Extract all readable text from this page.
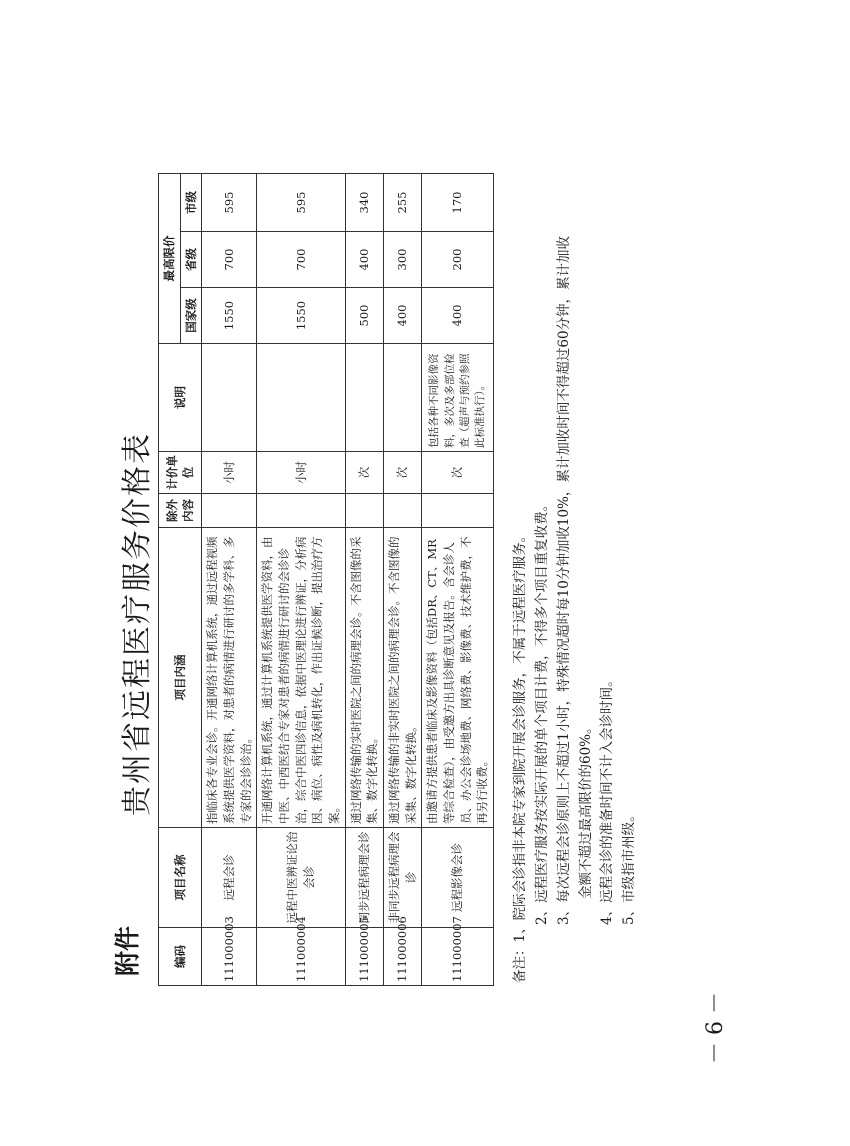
－ 6 －
附件
贵州省远程医疗服务价格表
编码	项目名称	项目内涵	除外内容	计价单位	说明	最高限价		
						国家级	省级	市级
111000003	远程会诊	指临床各专业会诊。开通网络计算机系统，通过远程视频系统提供医学资料，对患者的病情进行研讨的多学科、多专家的会诊诊治。		小时		1550	700	595
111000004	远程中医辨证论治会诊	开通网络计算机系统，通过计算机系统提供医学资料，由中医、中西医结合专家对患者的病情进行研讨的会诊诊治，综合中医四诊信息，依据中医理论进行辨证，分析病因、病位、病性及病机转化，作出证候诊断，提出治疗方案。		小时		1550	700	595
111000005	同步远程病理会诊	通过网络传输的实时医院之间的病理会诊。不含图像的采集、数字化转换。		次		500	400	340
111000006	非同步远程病理会诊	通过网络传输的非实时医院之间的病理会诊。不含图像的采集、数字化转换。		次		400	300	255
111000007	远程影像会诊	由邀请方提供患者临床及影像资料（包括DR、CT、MR等综合检查），由受邀方出具诊断意见及报告。含会诊人员、办公会诊场地费、网络费、影像费、技术维护费，不再另行收费。		次	包括各种不同影像资料，多次及多部位检查（超声与预约参照此标准执行）。	400	200	170
备注：1、院际会诊指非本院专家到院开展会诊服务，不属于远程医疗服务。 2、远程医疗服务按实际开展的单个项目计费，不得多个项目重复收费。 3、每次远程会诊原则上不超过1小时，特殊情况超时每10分钟加收10%，累计加收时间不得超过60分钟，累计加收 金额不超过最高限价的60%。 4、远程会诊的准备时间不计入会诊时间。 5、市级指市州级。
